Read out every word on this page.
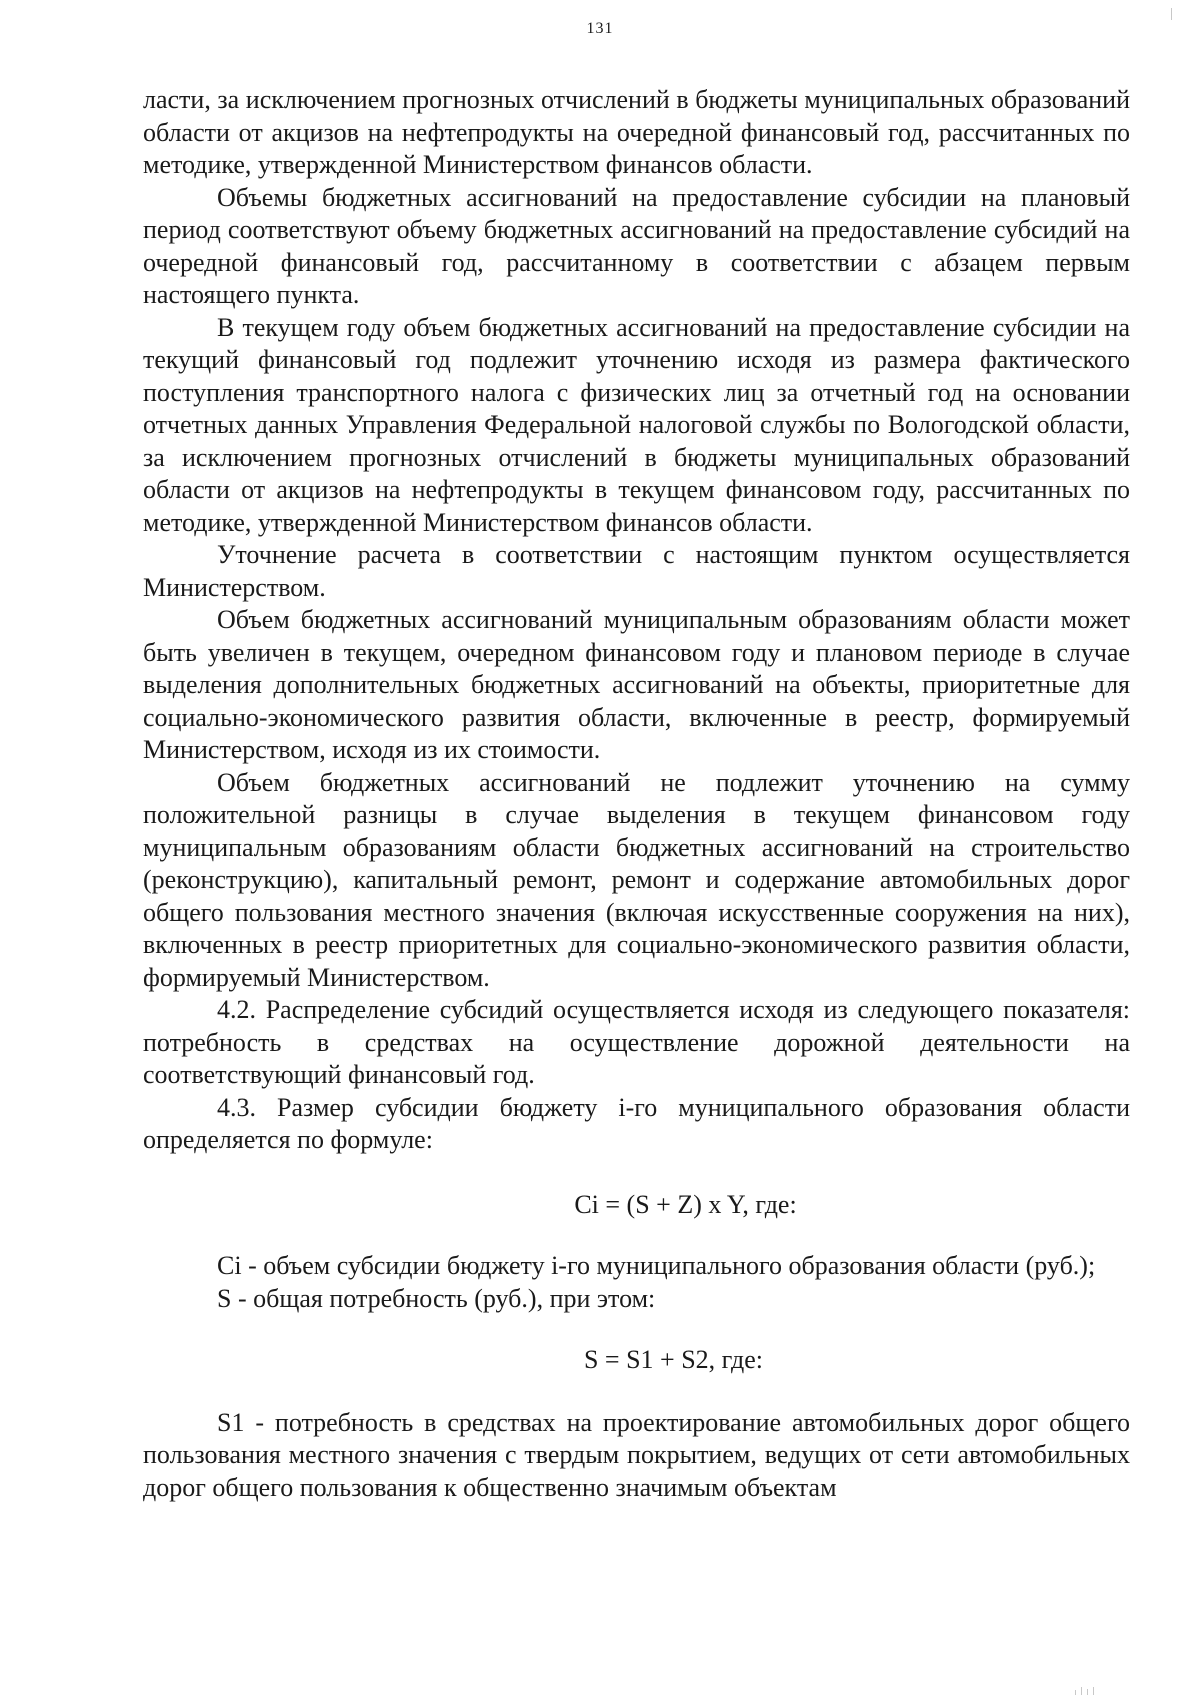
131

ласти, за исключением прогнозных отчислений в бюджеты муниципальных образований области от акцизов на нефтепродукты на очередной финансовый год, рассчитанных по методике, утвержденной Министерством финансов области.

Объемы бюджетных ассигнований на предоставление субсидии на плановый период соответствуют объему бюджетных ассигнований на предоставление субсидий на очередной финансовый год, рассчитанному в соответствии с абзацем первым настоящего пункта.

В текущем году объем бюджетных ассигнований на предоставление субсидии на текущий финансовый год подлежит уточнению исходя из размера фактического поступления транспортного налога с физических лиц за отчетный год на основании отчетных данных Управления Федеральной налоговой службы по Вологодской области, за исключением прогнозных отчислений в бюджеты муниципальных образований области от акцизов на нефтепродукты в текущем финансовом году, рассчитанных по методике, утвержденной Министерством финансов области.

Уточнение расчета в соответствии с настоящим пунктом осуществляется Министерством.

Объем бюджетных ассигнований муниципальным образованиям области может быть увеличен в текущем, очередном финансовом году и плановом периоде в случае выделения дополнительных бюджетных ассигнований на объекты, приоритетные для социально-экономического развития области, включенные в реестр, формируемый Министерством, исходя из их стоимости.

Объем бюджетных ассигнований не подлежит уточнению на сумму положительной разницы в случае выделения в текущем финансовом году муниципальным образованиям области бюджетных ассигнований на строительство (реконструкцию), капитальный ремонт, ремонт и содержание автомобильных дорог общего пользования местного значения (включая искусственные сооружения на них), включенных в реестр приоритетных для социально-экономического развития области, формируемый Министерством.

4.2. Распределение субсидий осуществляется исходя из следующего показателя: потребность в средствах на осуществление дорожной деятельности на соответствующий финансовый год.

4.3. Размер субсидии бюджету i-го муниципального образования области определяется по формуле:

Ci = (S + Z) x Y, где:

Ci - объем субсидии бюджету i-го муниципального образования области (руб.);

S - общая потребность (руб.), при этом:

S = S1 + S2, где:

S1 - потребность в средствах на проектирование автомобильных дорог общего пользования местного значения с твердым покрытием, ведущих от сети автомобильных дорог общего пользования к общественно значимым объектам
